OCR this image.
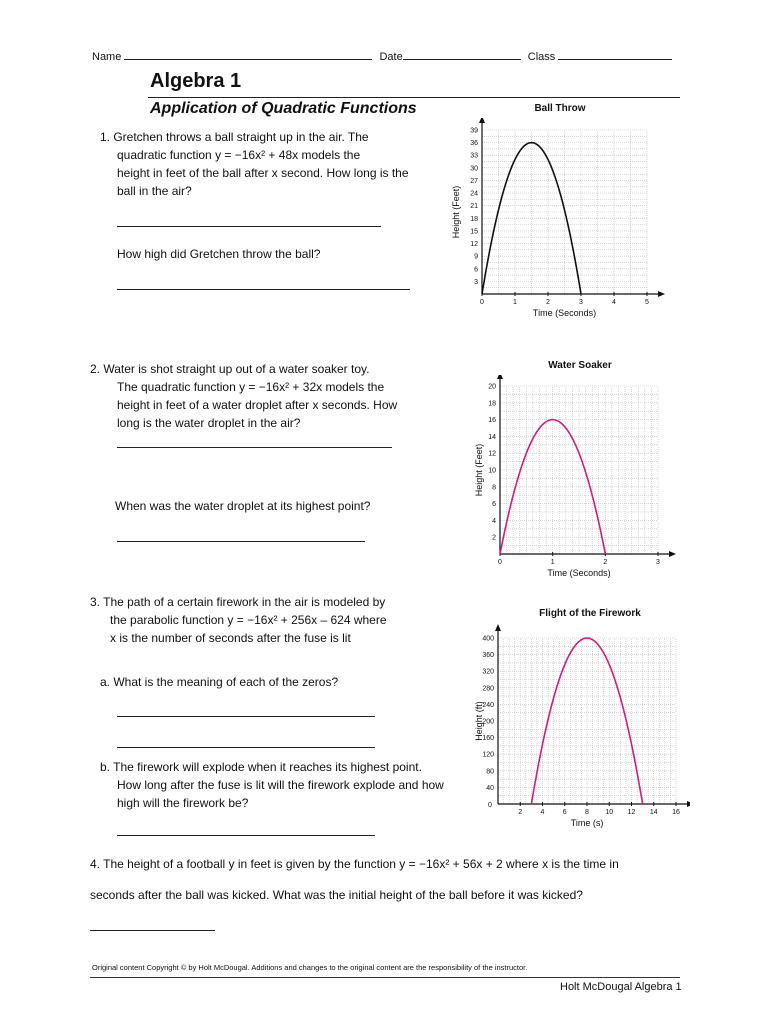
Name	Date	Class
Algebra 1
Application of Quadratic Functions
1. Gretchen throws a ball straight up in the air. The
quadratic function y = −16x² + 48x models the
height in feet of the ball after x second. How long is the
ball in the air?
How high did Gretchen throw the ball?
2. Water is shot straight up out of a water soaker toy.
The quadratic function y = −16x² + 32x models the
height in feet of a water droplet after x seconds. How
long is the water droplet in the air?
When was the water droplet at its highest point?
3. The path of a certain firework in the air is modeled by
the parabolic function y = −16x² + 256x – 624 where
x is the number of seconds after the fuse is lit
a. What is the meaning of each of the zeros?
b. The firework will explode when it reaches its highest point.
How long after the fuse is lit will the firework explode and how
high will the firework be?
4. The height of a football y in feet is given by the function y = −16x² + 56x + 2 where x is the time in
seconds after the ball was kicked. What was the initial height of the ball before it was kicked?
Original content Copyright © by Holt McDougal. Additions and changes to the original content are the responsibility of the instructor.
Holt McDougal Algebra 1
Ball Throw
0	1	2	3	4	5
3
6
9
12
15
18
21
24
27
30
33
36
39
Time (Seconds)
Height (Feet)
Water Soaker
0	1	2	3
2
4
6
8
10
12
14
16
18
20
Time (Seconds)
Height (Feet)
Flight of the Firework
2	4	6	8 10 12 14 16
0
40
80
120
160
200
240
280
320
360
400
Time (s)
Height (ft)
